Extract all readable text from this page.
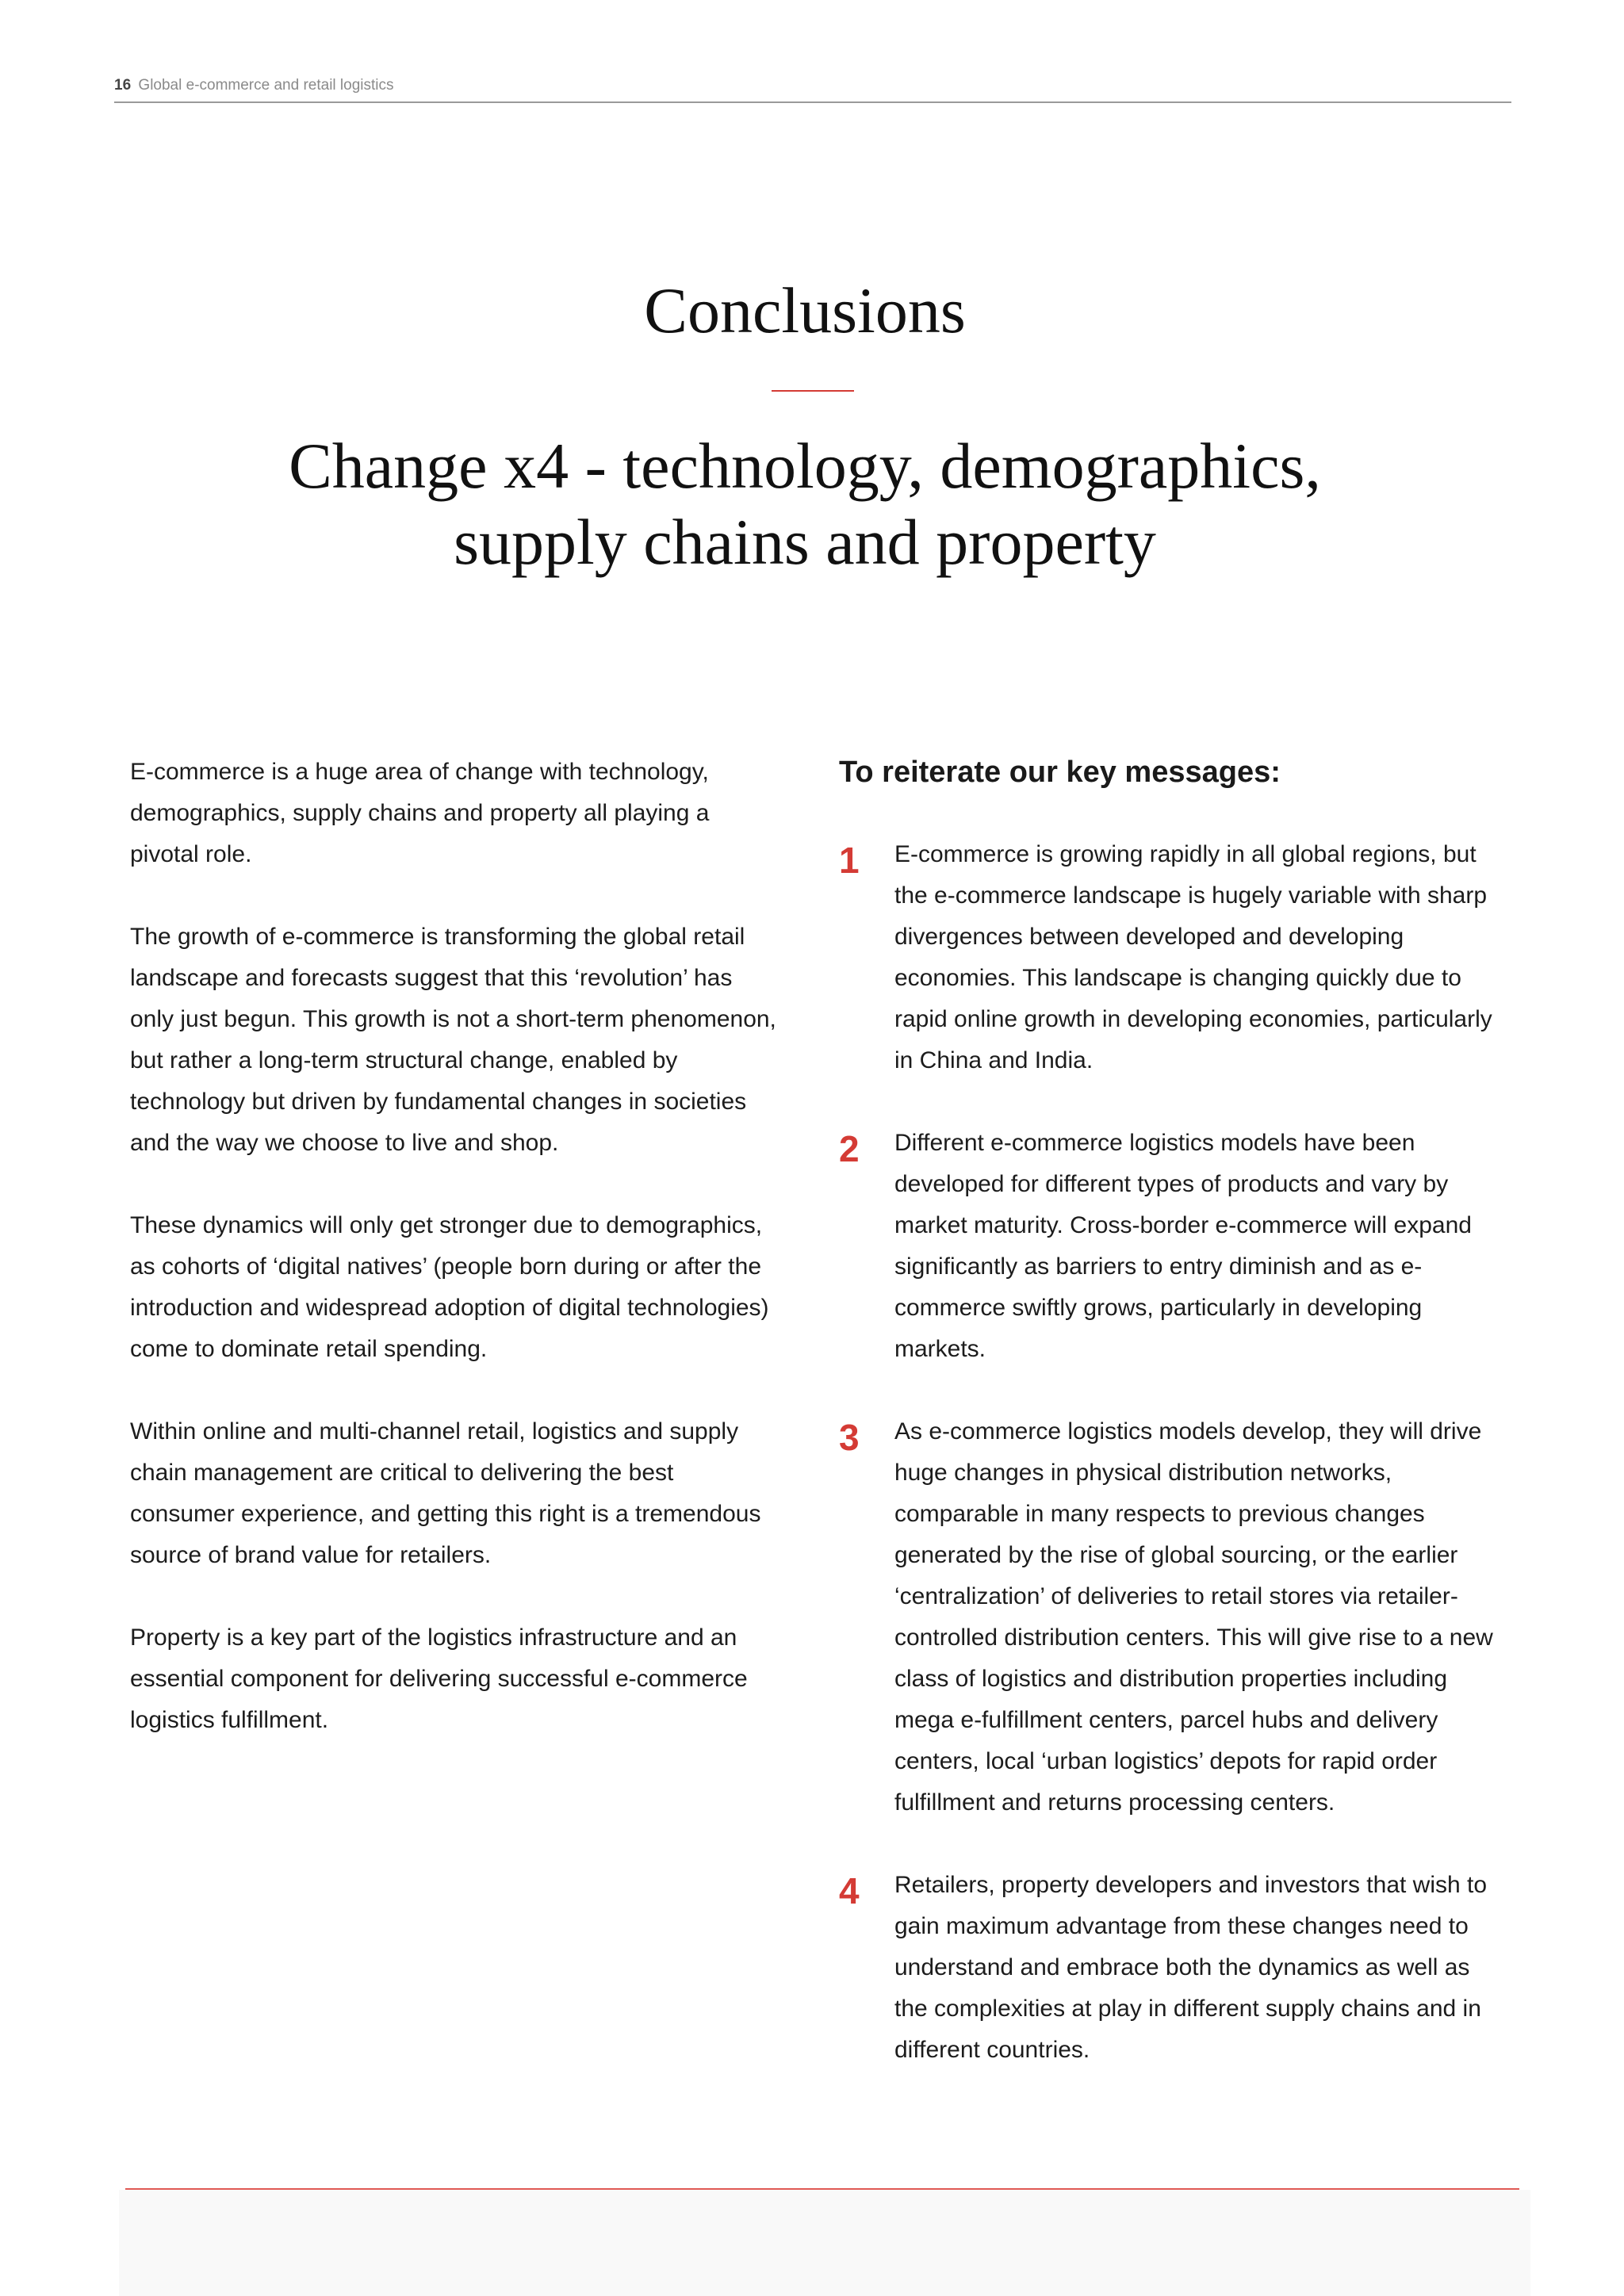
16 Global e-commerce and retail logistics
Conclusions
Change x4 - technology, demographics,
supply chains and property

E-commerce is a huge area of change with technology, demographics, supply chains and property all playing a pivotal role.

The growth of e-commerce is transforming the global retail landscape and forecasts suggest that this ‘revolution’ has only just begun. This growth is not a short-term phenomenon, but rather a long-term structural change, enabled by technology but driven by fundamental changes in societies and the way we choose to live and shop.

These dynamics will only get stronger due to demographics, as cohorts of ‘digital natives’ (people born during or after the introduction and widespread adoption of digital technologies) come to dominate retail spending.

Within online and multi-channel retail, logistics and supply chain management are critical to delivering the best consumer experience, and getting this right is a tremendous source of brand value for retailers.

Property is a key part of the logistics infrastructure and an essential component for delivering successful e-commerce logistics fulfillment.

To reiterate our key messages:
1 E-commerce is growing rapidly in all global regions, but the e-commerce landscape is hugely variable with sharp divergences between developed and developing economies. This landscape is changing quickly due to rapid online growth in developing economies, particularly in China and India.
2 Different e-commerce logistics models have been developed for different types of products and vary by market maturity. Cross-border e-commerce will expand significantly as barriers to entry diminish and as e-commerce swiftly grows, particularly in developing markets.
3 As e-commerce logistics models develop, they will drive huge changes in physical distribution networks, comparable in many respects to previous changes generated by the rise of global sourcing, or the earlier ‘centralization’ of deliveries to retail stores via retailer-controlled distribution centers. This will give rise to a new class of logistics and distribution properties including mega e-fulfillment centers, parcel hubs and delivery centers, local ‘urban logistics’ depots for rapid order fulfillment and returns processing centers.
4 Retailers, property developers and investors that wish to gain maximum advantage from these changes need to understand and embrace both the dynamics as well as the complexities at play in different supply chains and in different countries.
